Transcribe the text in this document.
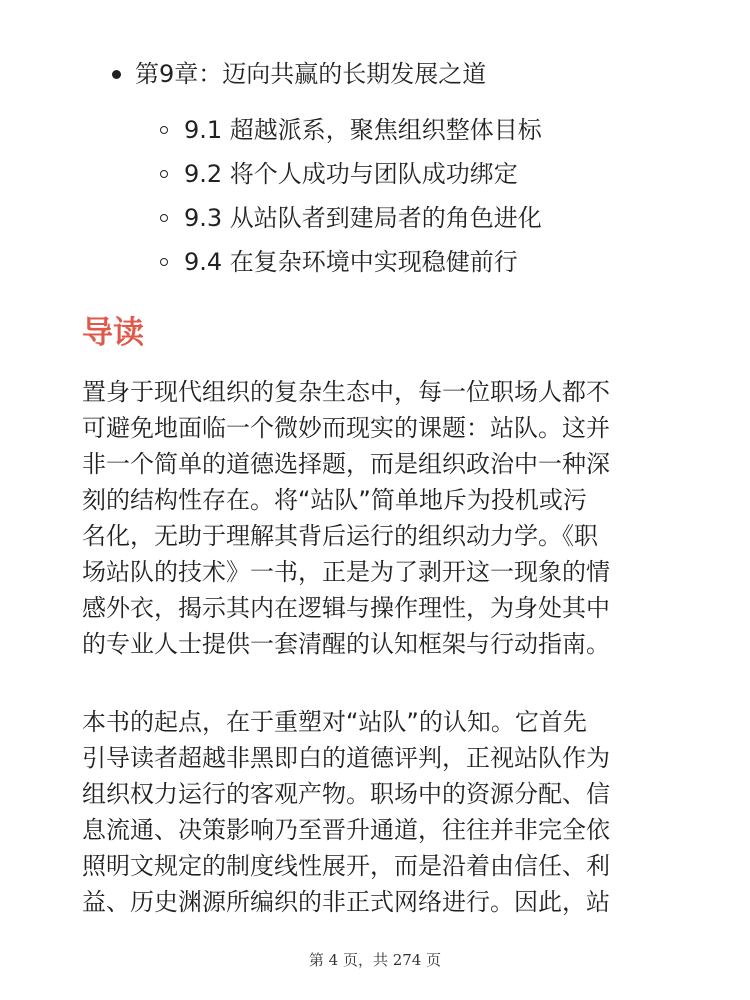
第9章：迈向共赢的长期发展之道
9.1 超越派系，聚焦组织整体目标
9.2 将个人成功与团队成功绑定
9.3 从站队者到建局者的角色进化
9.4 在复杂环境中实现稳健前行
导读

置身于现代组织的复杂生态中，每一位职场人都不
可避免地面临一个微妙而现实的课题：站队。这并
非一个简单的道德选择题，而是组织政治中一种深
刻的结构性存在。将“站队”简单地斥为投机或污
名化，无助于理解其背后运行的组织动力学。《职
场站队的技术》一书，正是为了剥开这一现象的情
感外衣，揭示其内在逻辑与操作理性，为身处其中
的专业人士提供一套清醒的认知框架与行动指南。

本书的起点，在于重塑对“站队”的认知。它首先
引导读者超越非黑即白的道德评判，正视站队作为
组织权力运行的客观产物。职场中的资源分配、信
息流通、决策影响乃至晋升通道，往往并非完全依
照明文规定的制度线性展开，而是沿着由信任、利
益、历史渊源所编织的非正式网络进行。因此，站

第 4 页，共 274 页
